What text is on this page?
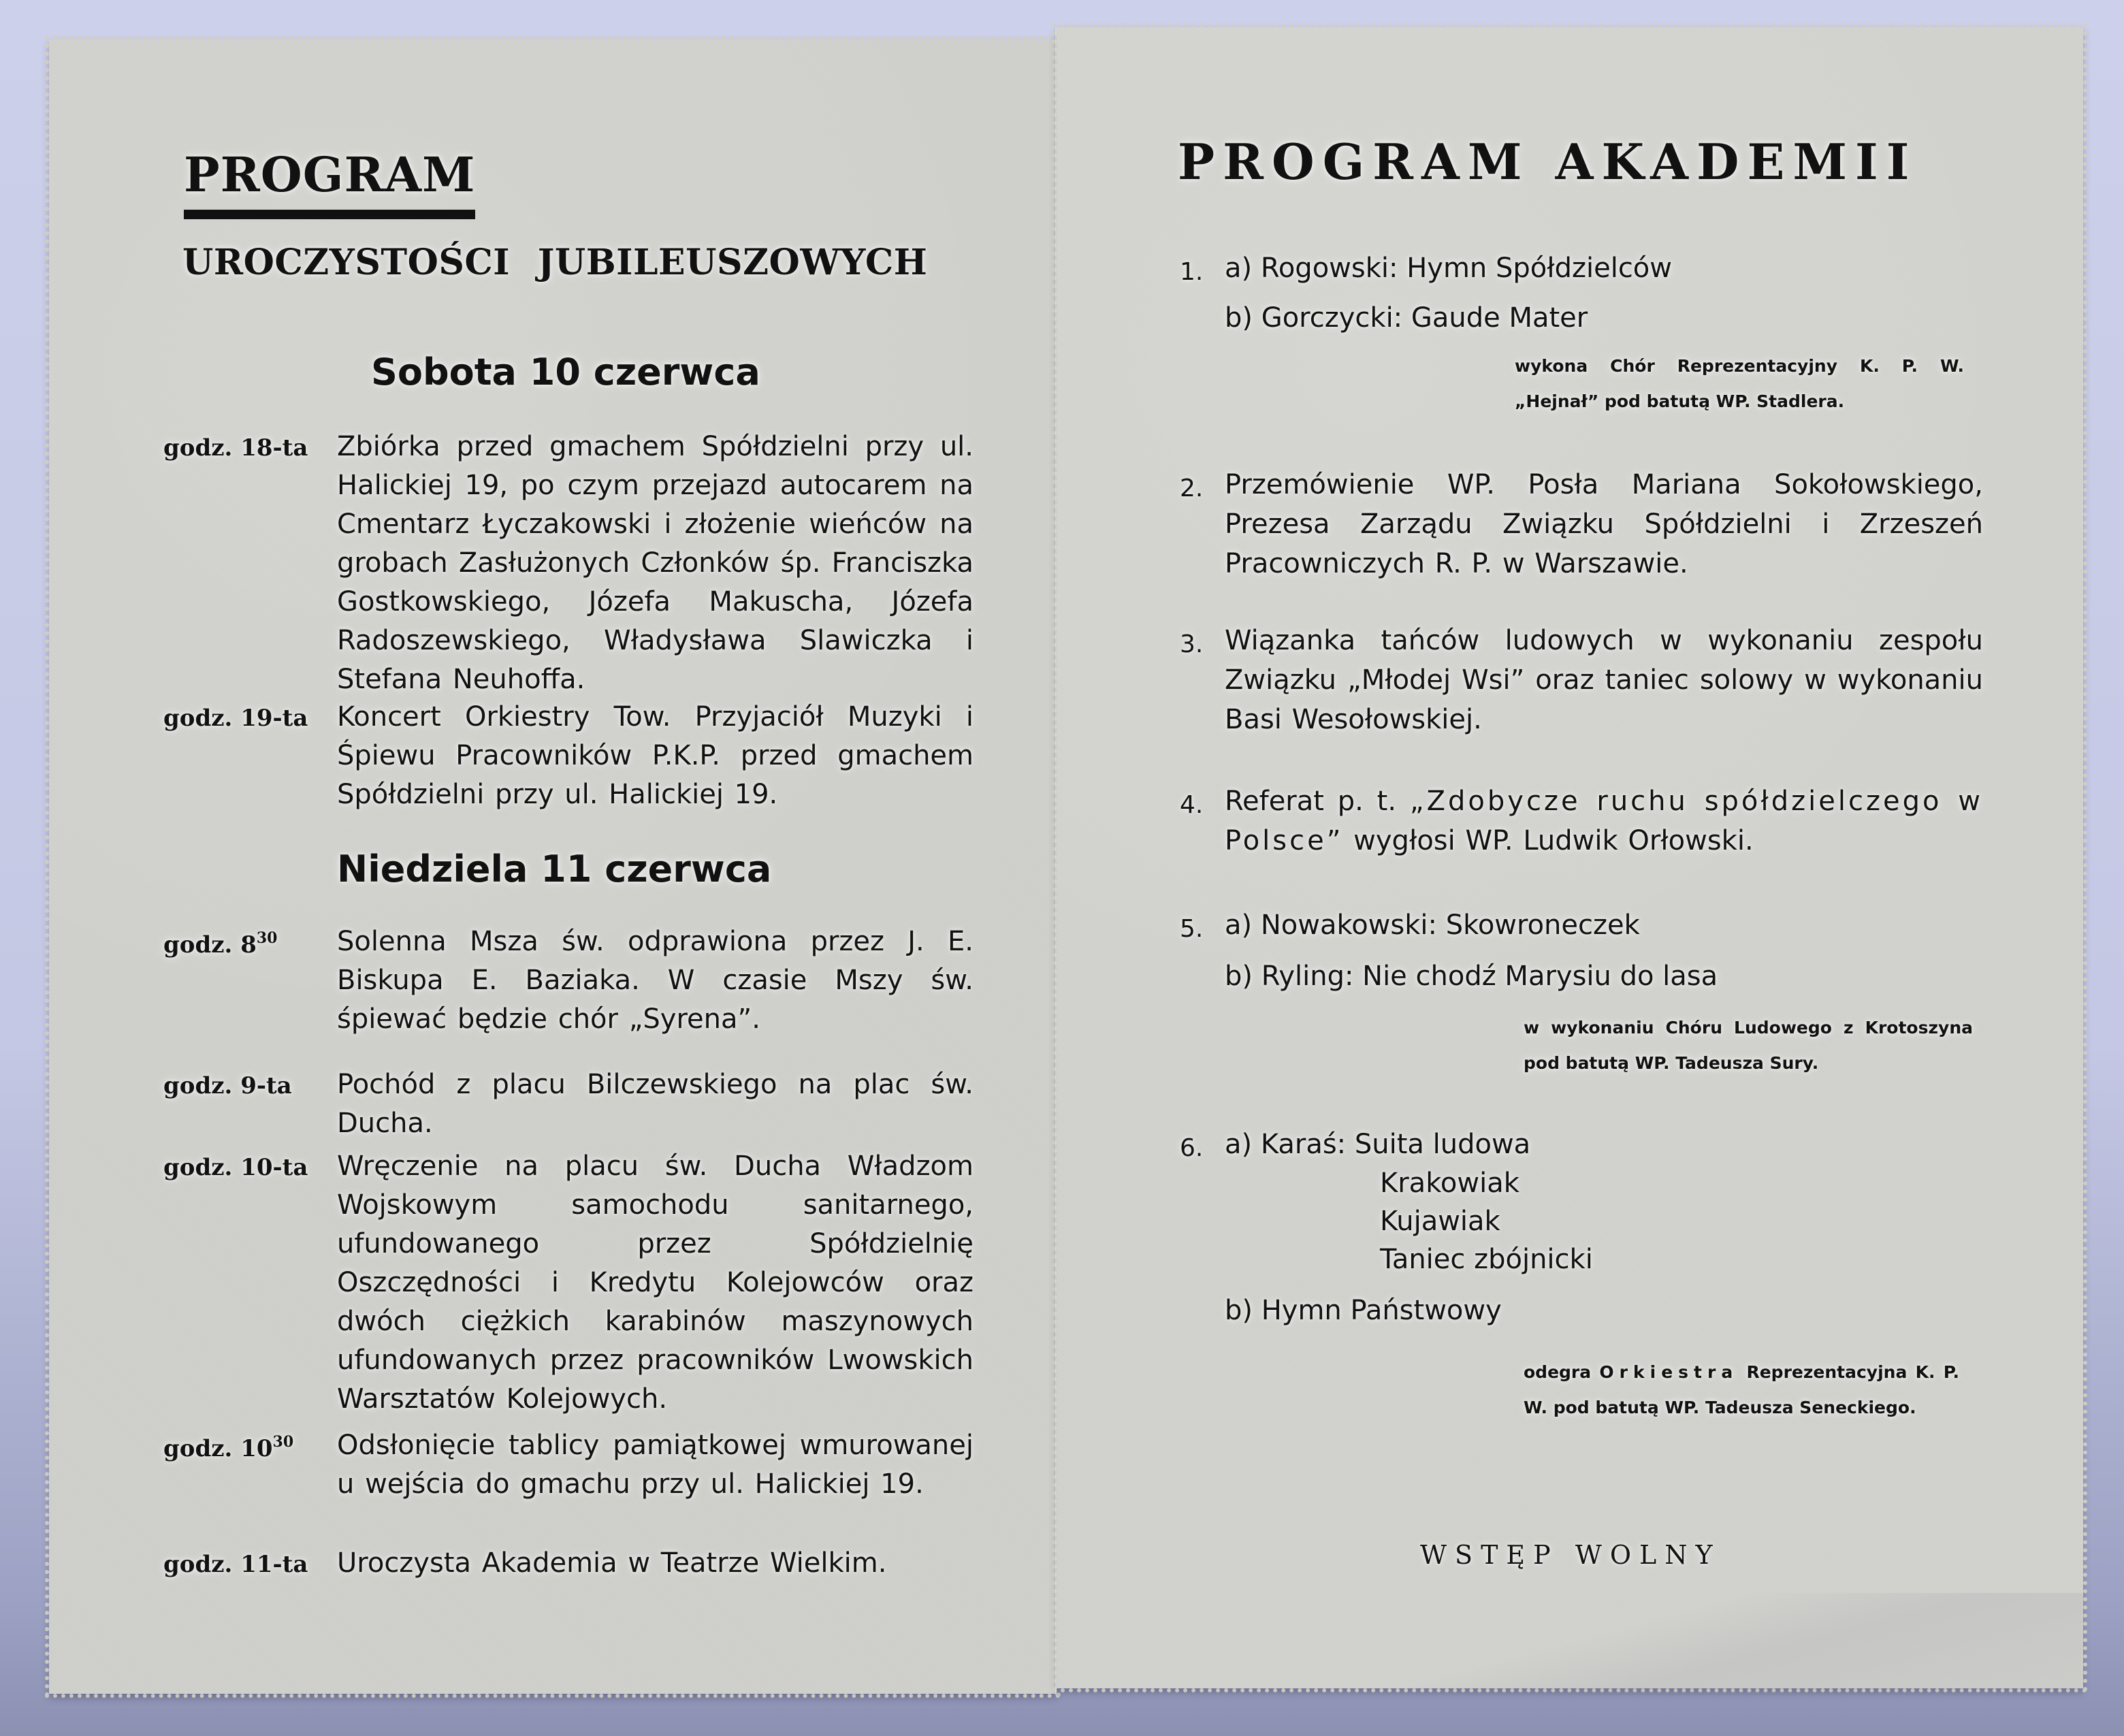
PROGRAM
UROCZYSTOŚCI JUBILEUSZOWYCH
Sobota 10 czerwca
godz. 18-ta	Zbiórka przed gmachem Spółdzielni przy ul. Halickiej 19, po czym przejazd autocarem na Cmentarz Łyczakowski i złożenie wieńców na grobach Zasłużonych Członków śp. Franciszka Gostkowskiego, Józefa Makuscha, Józefa Radoszewskiego, Władysława Slawiczka i Stefana Neuhoffa.
godz. 19-ta	Koncert Orkiestry Tow. Przyjaciół Muzyki i Śpiewu Pracowników P.K.P. przed gmachem Spółdzielni przy ul. Halickiej 19.
Niedziela 11 czerwca
godz. $8^{30}$	Solenna Msza św. odprawiona przez J. E. Biskupa E. Baziaka. W czasie Mszy św. śpiewać będzie chór „Syrena”.
godz. 9-ta	Pochód z placu Bilczewskiego na plac św. Ducha.
godz. 10-ta	Wręczenie na placu św. Ducha Władzom Wojskowym samochodu sanitarnego, ufundowanego przez Spółdzielnię Oszczędności i Kredytu Kolejowców oraz dwóch ciężkich karabinów maszynowych ufundowanych przez pracowników Lwowskich Warsztatów Kolejowych.
godz. $10^{30}$	Odsłonięcie tablicy pamiątkowej wmurowanej u wejścia do gmachu przy ul. Halickiej 19.
godz. 11-ta	Uroczysta Akademia w Teatrze Wielkim.
PROGRAM AKADEMII
1. a) Rogowski: Hymn Spółdzielców
b) Gorczycki: Gaude Mater
wykona Chór Reprezentacyjny K. P. W. „Hejnał” pod batutą WP. Stadlera.
2. Przemówienie WP. Posła Mariana Sokołowskiego, Prezesa Zarządu Związku Spółdzielni i Zrzeszeń Pracowniczych R. P. w Warszawie.
3. Wiązanka tańców ludowych w wykonaniu zespołu Związku „Młodej Wsi” oraz taniec solowy w wykonaniu Basi Wesołowskiej.
4. Referat p. t. „Zdobycze ruchu spółdzielczego w Polsce” wygłosi WP. Ludwik Orłowski.
5. a) Nowakowski: Skowroneczek
b) Ryling: Nie chodź Marysiu do lasa
w wykonaniu Chóru Ludowego z Krotoszyna pod batutą WP. Tadeusza Sury.
6. a) Karaś: Suita ludowa
Krakowiak
Kujawiak
Taniec zbójnicki
b) Hymn Państwowy
odegra Orkiestra Reprezentacyjna K. P. W. pod batutą WP. Tadeusza Seneckiego.
WSTĘP WOLNY
